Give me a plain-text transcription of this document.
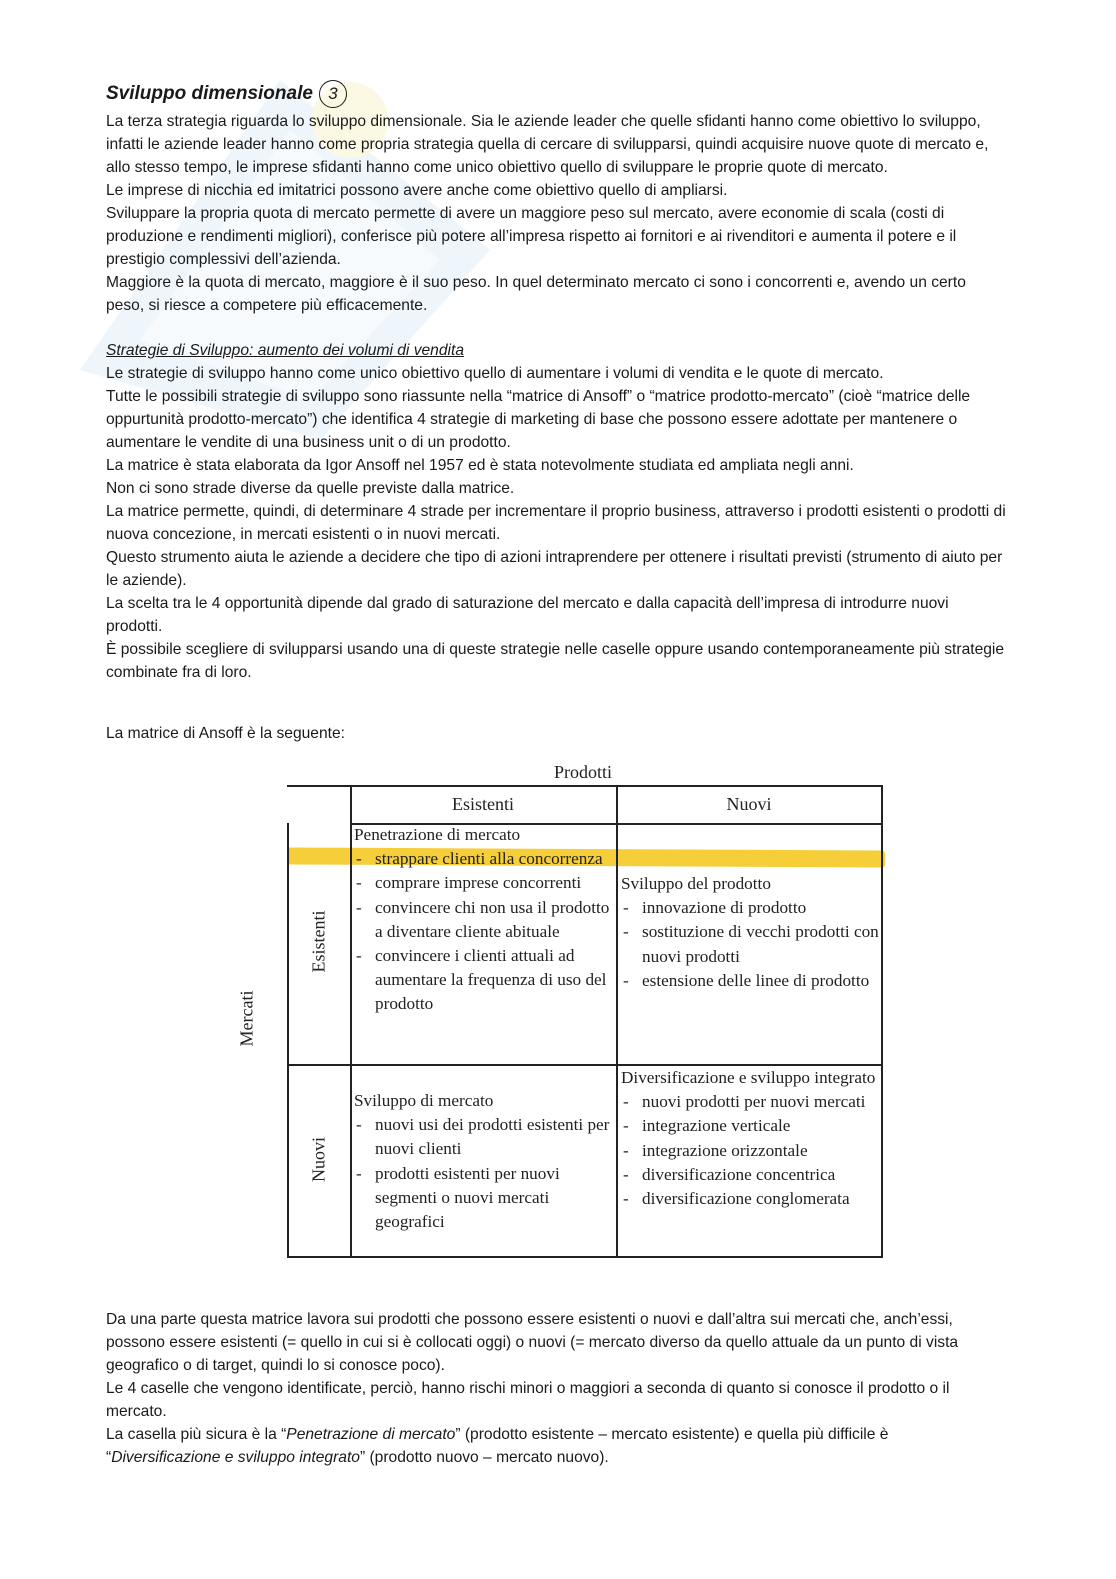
Sviluppo dimensionale 3

La terza strategia riguarda lo sviluppo dimensionale. Sia le aziende leader che quelle sfidanti hanno come obiettivo lo sviluppo, infatti le aziende leader hanno come propria strategia quella di cercare di svilupparsi, quindi acquisire nuove quote di mercato e, allo stesso tempo, le imprese sfidanti hanno come unico obiettivo quello di sviluppare le proprie quote di mercato.

Le imprese di nicchia ed imitatrici possono avere anche come obiettivo quello di ampliarsi.

Sviluppare la propria quota di mercato permette di avere un maggiore peso sul mercato, avere economie di scala (costi di produzione e rendimenti migliori), conferisce più potere all’impresa rispetto ai fornitori e ai rivenditori e aumenta il potere e il prestigio complessivi dell’azienda.

Maggiore è la quota di mercato, maggiore è il suo peso. In quel determinato mercato ci sono i concorrenti e, avendo un certo peso, si riesce a competere più efficacemente.

Strategie di Sviluppo: aumento dei volumi di vendita

Le strategie di sviluppo hanno come unico obiettivo quello di aumentare i volumi di vendita e le quote di mercato.

Tutte le possibili strategie di sviluppo sono riassunte nella “matrice di Ansoff” o “matrice prodotto-mercato” (cioè “matrice delle oppurtunità prodotto-mercato”) che identifica 4 strategie di marketing di base che possono essere adottate per mantenere o aumentare le vendite di una business unit o di un prodotto.

La matrice è stata elaborata da Igor Ansoff nel 1957 ed è stata notevolmente studiata ed ampliata negli anni.

Non ci sono strade diverse da quelle previste dalla matrice.

La matrice permette, quindi, di determinare 4 strade per incrementare il proprio business, attraverso i prodotti esistenti o prodotti di nuova concezione, in mercati esistenti o in nuovi mercati.

Questo strumento aiuta le aziende a decidere che tipo di azioni intraprendere per ottenere i risultati previsti (strumento di aiuto per le aziende).

La scelta tra le 4 opportunità dipende dal grado di saturazione del mercato e dalla capacità dell’impresa di introdurre nuovi prodotti.

È possibile scegliere di svilupparsi usando una di queste strategie nelle caselle oppure usando contemporaneamente più strategie combinate fra di loro.

La matrice di Ansoff è la seguente:

Prodotti
Mercati
Esistenti	Nuovi
Esistenti
Nuovi
Penetrazione di mercato
- strappare clienti alla concorrenza
- comprare imprese concorrenti
- convincere chi non usa il prodotto a diventare cliente abituale
- convincere i clienti attuali ad aumentare la frequenza di uso del prodotto
Sviluppo del prodotto
- innovazione di prodotto
- sostituzione di vecchi prodotti con nuovi prodotti
- estensione delle linee di prodotto
Sviluppo di mercato
- nuovi usi dei prodotti esistenti per nuovi clienti
- prodotti esistenti per nuovi segmenti o nuovi mercati geografici
Diversificazione e sviluppo integrato
- nuovi prodotti per nuovi mercati
- integrazione verticale
- integrazione orizzontale
- diversificazione concentrica
- diversificazione conglomerata

Da una parte questa matrice lavora sui prodotti che possono essere esistenti o nuovi e dall’altra sui mercati che, anch’essi, possono essere esistenti (= quello in cui si è collocati oggi) o nuovi (= mercato diverso da quello attuale da un punto di vista geografico o di target, quindi lo si conosce poco).

Le 4 caselle che vengono identificate, perciò, hanno rischi minori o maggiori a seconda di quanto si conosce il prodotto o il mercato.

La casella più sicura è la “Penetrazione di mercato” (prodotto esistente – mercato esistente) e quella più difficile è “Diversificazione e sviluppo integrato” (prodotto nuovo – mercato nuovo).
